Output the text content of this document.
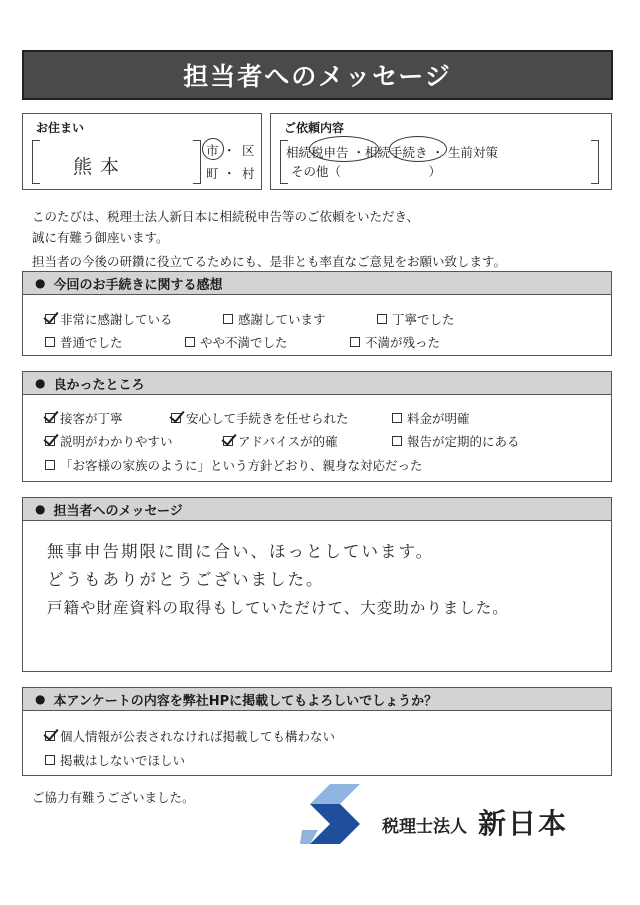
担当者へのメッセージ
お住まい
熊本
市 ・ 区
町 ・ 村
ご依頼内容
相続税申告 ・相続手続き ・ 生前対策
その他（　　　　　　　）
このたびは、税理士法人新日本に相続税申告等のご依頼をいただき、
誠に有難う御座います。
担当者の今後の研鑽に役立てるためにも、是非とも率直なご意見をお願い致します。
● 今回のお手続きに関する感想
非常に感謝している	感謝しています	丁寧でした
普通でした	やや不満でした	不満が残った
● 良かったところ
接客が丁寧	安心して手続きを任せられた	料金が明確
説明がわかりやすい	アドバイスが的確	報告が定期的にある
「お客様の家族のように」という方針どおり、親身な対応だった
● 担当者へのメッセージ
無事申告期限に間に合い、ほっとしています。
どうもありがとうございました。
戸籍や財産資料の取得もしていただけて、大変助かりました。
● 本アンケートの内容を弊社HPに掲載してもよろしいでしょうか？
個人情報が公表されなければ掲載しても構わない
掲載はしないでほしい
ご協力有難うございました。
税理士法人 新日本
